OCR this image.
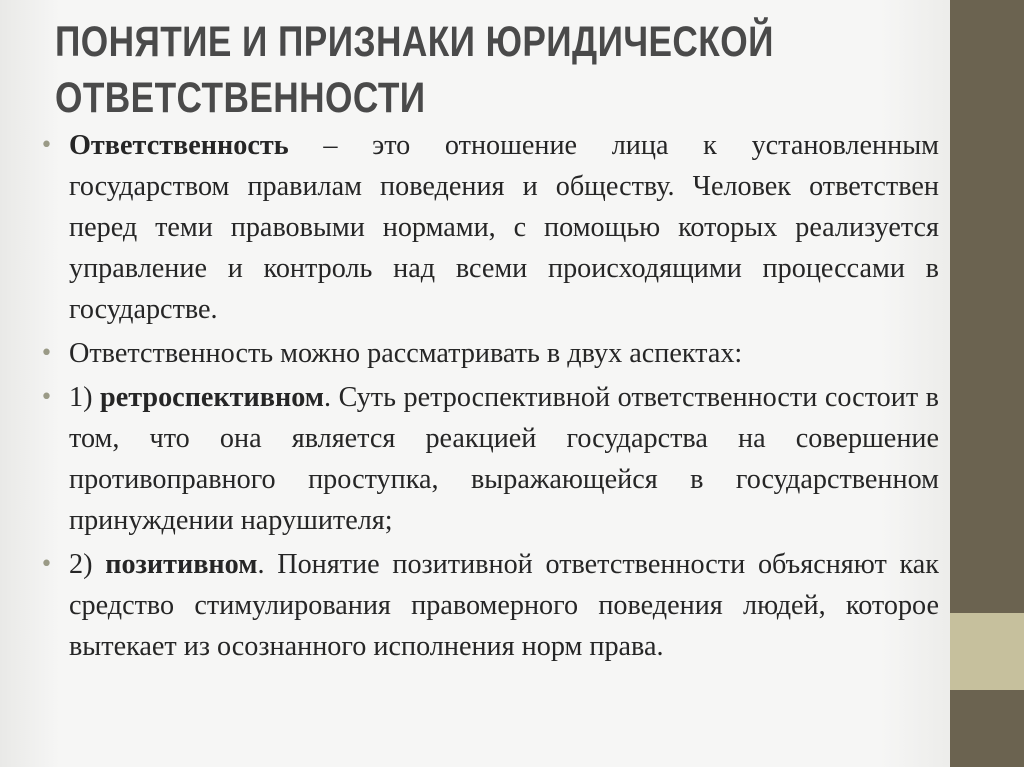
ПОНЯТИЕ И ПРИЗНАКИ ЮРИДИЧЕСКОЙ
ОТВЕТСТВЕННОСТИ
• Ответственность – это отношение лица к установленным государством правилам поведения и обществу. Человек ответствен перед теми правовыми нормами, с помощью которых реализуется управление и контроль над всеми происходящими процессами в государстве.
• Ответственность можно рассматривать в двух аспектах:
• 1) ретроспективном. Суть ретроспективной ответственности состоит в том, что она является реакцией государства на совершение противоправного проступка, выражающейся в государственном принуждении нарушителя;
• 2) позитивном. Понятие позитивной ответственности объясняют как средство стимулирования правомерного поведения людей, которое вытекает из осознанного исполнения норм права.
